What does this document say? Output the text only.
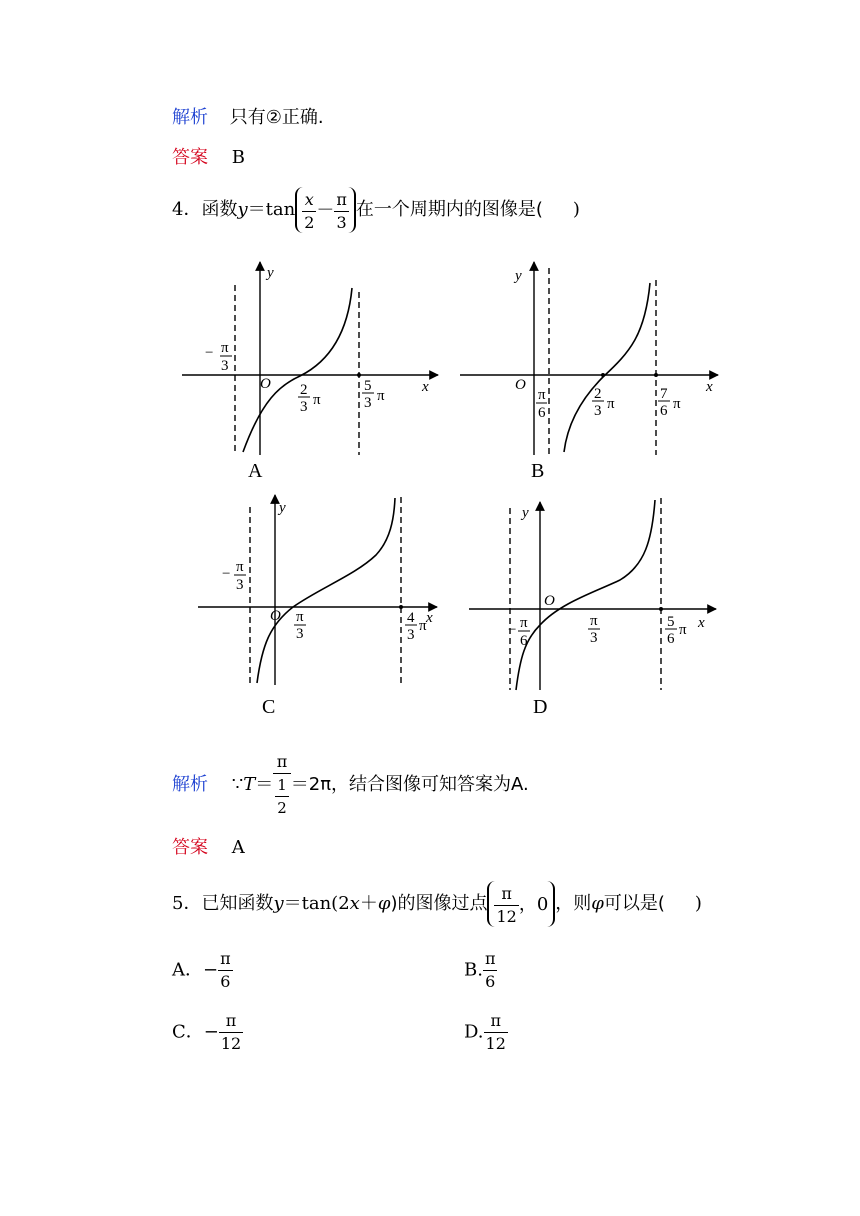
解析 只有②正确.
答案 B
4．函数$y=\tan \frac{x}{2} - \frac{\pi}{3}$ 在一个周期内的图像是( )
y
x
O
− π
3
2
3 π
5
3 π
A
y
x
O
π
6
2
3 π
7
6 π
B
y
x
O
− π
3
π
3
4
3
π
C
y
x
O
− π
6
π
3
5
6
π
D
解析 ∵T＝ $\frac{\pi}{\frac{1}{2}} =2\pi$，结合图像可知答案为A.
答案 A
5．已知函数y＝tan(2x＋φ)的图像过点 $\frac{\pi}{12}$ ，0 ，则φ可以是( )
A．− $\frac{\pi}{6}$	B. $\frac{\pi}{6}$
C．− $\frac{\pi}{12}$	D. $\frac{\pi}{12}$
